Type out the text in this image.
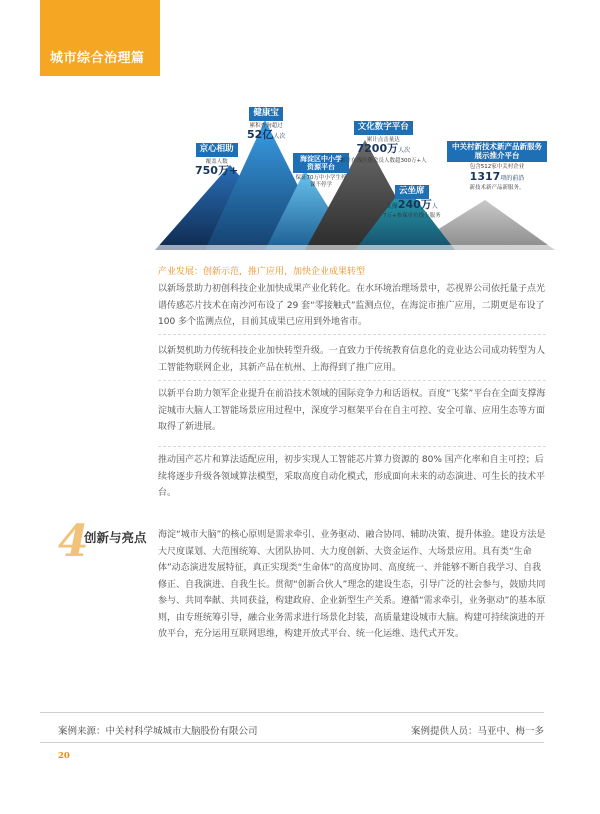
城市综合治理篇
京心相助
覆盖人数
750万+
健康宝
累积查询超过
52亿人次
海淀区中小学资源平台
保证70万中小学生停课不停学
文化数字平台
累计点击量达
7200万人次
累计在线注册会员人数超300万+人
云坐席
支撑240万人
7万+参保单位线上服务
中关村新技术新产品新服务展示推介平台
包含512家中关村企业
1317项的前沿
新技术新产品新服务。
产业发展：创新示范，推广应用，加快企业成果转型
以新场景助力初创科技企业加快成果产业化转化。在水环境治理场景中，芯视界公司依托量子点光谱传感芯片技术在南沙河布设了 29 套“零接触式”监测点位，在海淀市推广应用，二期更是布设了 100 多个监测点位，目前其成果已应用到外地省市。
以新契机助力传统科技企业加快转型升级。一直致力于传统教育信息化的竞业达公司成功转型为人工智能物联网企业，其新产品在杭州、上海得到了推广应用。
以新平台助力领军企业提升在前沿技术领域的国际竞争力和话语权。百度“飞桨”平台在全面支撑海淀城市大脑人工智能场景应用过程中，深度学习框架平台在自主可控、安全可靠、应用生态等方面取得了新进展。
推动国产芯片和算法适配应用，初步实现人工智能芯片算力资源的 80% 国产化率和自主可控；后续将逐步升级各领域算法模型，采取高度自动化模式，形成面向未来的动态演进、可生长的技术平台。
4
创新与亮点 海淀“城市大脑”的核心原则是需求牵引、业务驱动、融合协同、辅助决策、提升体验。建设方法是大尺度谋划、大范围统筹、大团队协同、大力度创新、大资金运作、大场景应用。具有类“生命体”动态演进发展特征，真正实现类“生命体”的高度协同、高度统一、并能够不断自我学习、自我修正、自我演进、自我生长。贯彻“创新合伙人”理念的建设生态，引导广泛的社会参与，鼓励共同参与、共同奉献、共同获益，构建政府、企业新型生产关系。遵循“需求牵引，业务驱动”的基本原则，由专班统筹引导，融合业务需求进行场景化封装，高质量建设城市大脑。构建可持续演进的开放平台，充分运用互联网思维，构建开放式平台、统一化运维、迭代式开发。
案例来源：中关村科学城城市大脑股份有限公司	案例提供人员：马亚中、梅一多
20
